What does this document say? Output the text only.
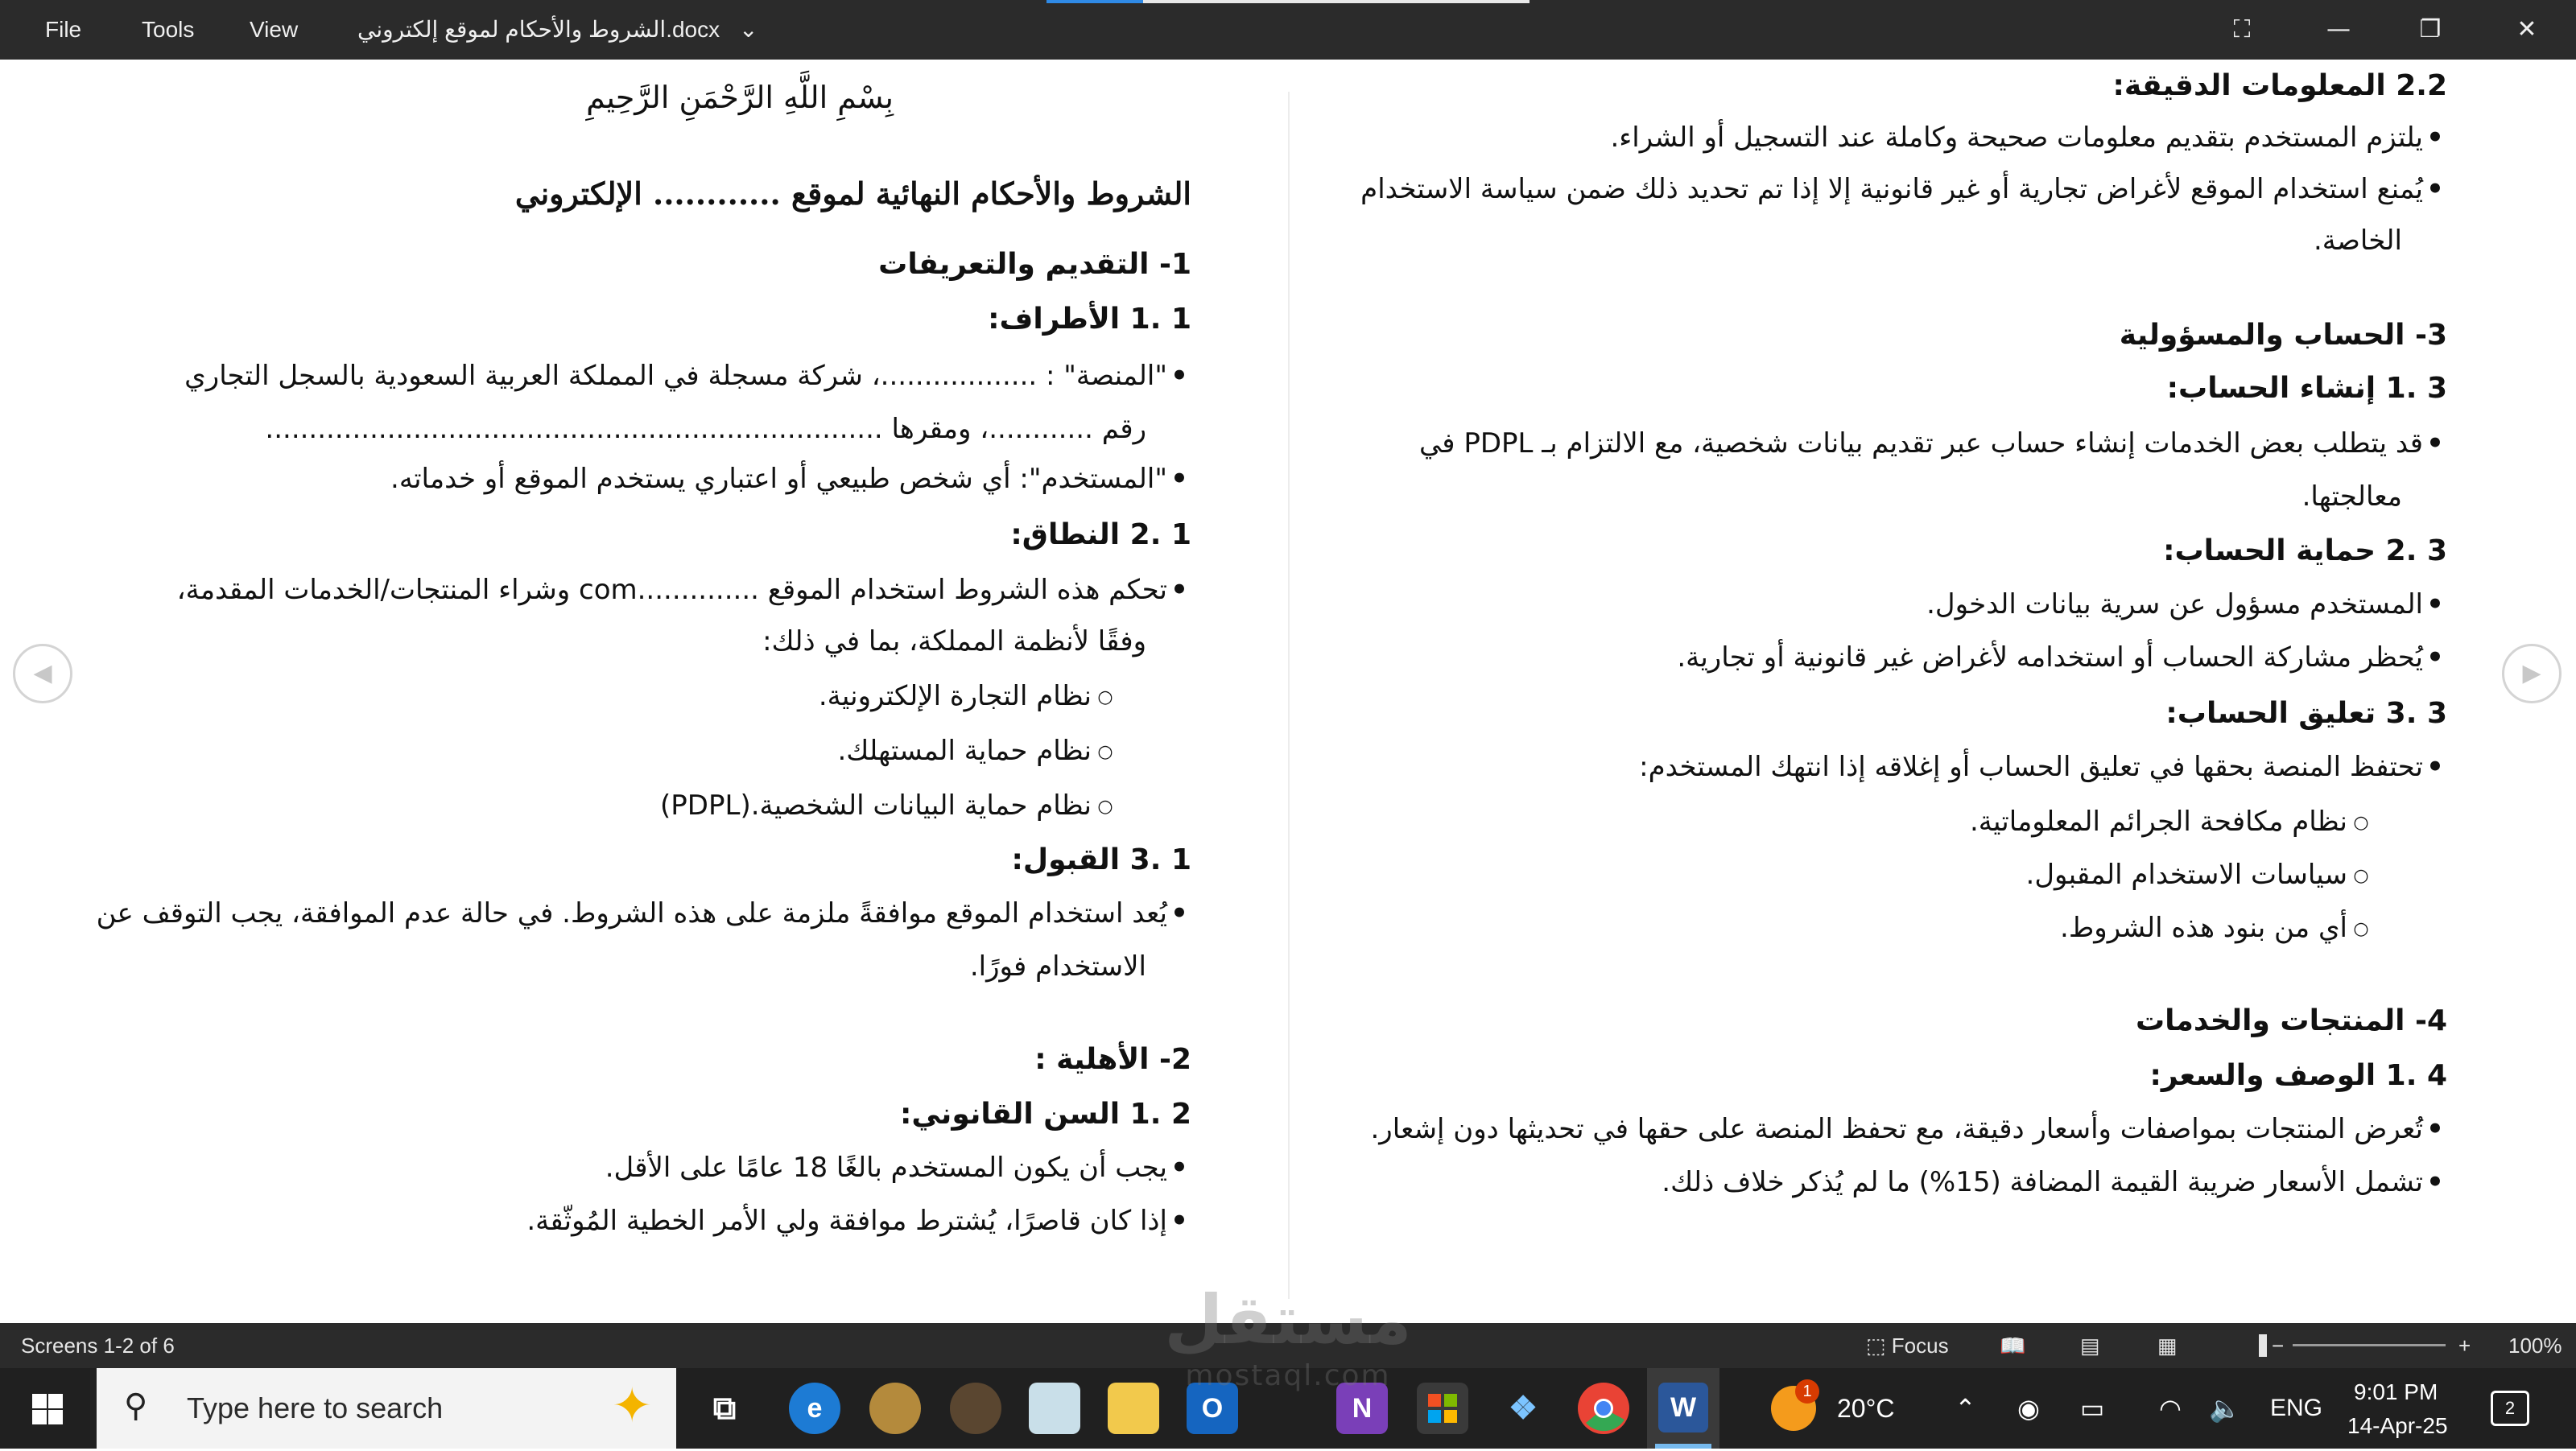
File	Tools View	الشروط والأحكام لموقع إلكتروني.docx ⌄	⛶	—	❐	✕
◀	▶
2.2 المعلومات الدقيقة:
• يلتزم المستخدم بتقديم معلومات صحيحة وكاملة عند التسجيل أو الشراء.
• يُمنع استخدام الموقع لأغراض تجارية أو غير قانونية إلا إذا تم تحديد ذلك ضمن سياسة الاستخدام
الخاصة.
3- الحساب والمسؤولية
3 .1 إنشاء الحساب:
• قد يتطلب بعض الخدمات إنشاء حساب عبر تقديم بيانات شخصية، مع الالتزام بـ PDPL في
معالجتها.
3 .2 حماية الحساب:
• المستخدم مسؤول عن سرية بيانات الدخول.
• يُحظر مشاركة الحساب أو استخدامه لأغراض غير قانونية أو تجارية.
3 .3 تعليق الحساب:
• تحتفظ المنصة بحقها في تعليق الحساب أو إغلاقه إذا انتهك المستخدم:
○ نظام مكافحة الجرائم المعلوماتية.
○ سياسات الاستخدام المقبول.
○ أي من بنود هذه الشروط.
4- المنتجات والخدمات
4 .1 الوصف والسعر:
• تُعرض المنتجات بمواصفات وأسعار دقيقة، مع تحفظ المنصة على حقها في تحديثها دون إشعار.
• تشمل الأسعار ضريبة القيمة المضافة (15%) ما لم يُذكر خلاف ذلك.
بِسْمِ اللَّهِ الرَّحْمَنِ الرَّحِيمِ
الشروط والأحكام النهائية لموقع ............ الإلكتروني
1- التقديم والتعريفات
1 .1 الأطراف:
• "المنصة" : ..................، شركة مسجلة في المملكة العربية السعودية بالسجل التجاري
رقم ............، ومقرها .......................................................................
• "المستخدم": أي شخص طبيعي أو اعتباري يستخدم الموقع أو خدماته.
1 .2 النطاق:
• تحكم هذه الشروط استخدام الموقع ..............com وشراء المنتجات/الخدمات المقدمة،
وفقًا لأنظمة المملكة، بما في ذلك:
○ نظام التجارة الإلكترونية.
○ نظام حماية المستهلك.
○ نظام حماية البيانات الشخصية.(PDPL)
1 .3 القبول:
• يُعد استخدام الموقع موافقةً ملزمة على هذه الشروط. في حالة عدم الموافقة، يجب التوقف عن
الاستخدام فورًا.
2- الأهلية :
2 .1 السن القانوني:
• يجب أن يكون المستخدم بالغًا 18 عامًا على الأقل.
• إذا كان قاصرًا، يُشترط موافقة ولي الأمر الخطية المُوثّقة.
Screens 1-2 of 6	⬚ Focus 📖	▤	▦	−	+ 100%
⚲ Type here to search	✦	⧉	e	O	N	❖	W
1
20°C ⌃ ◉ ▭ ◠ 🔈 ENG
9:01 PM
14-Apr-25
2
مستقل
mostaql.com
